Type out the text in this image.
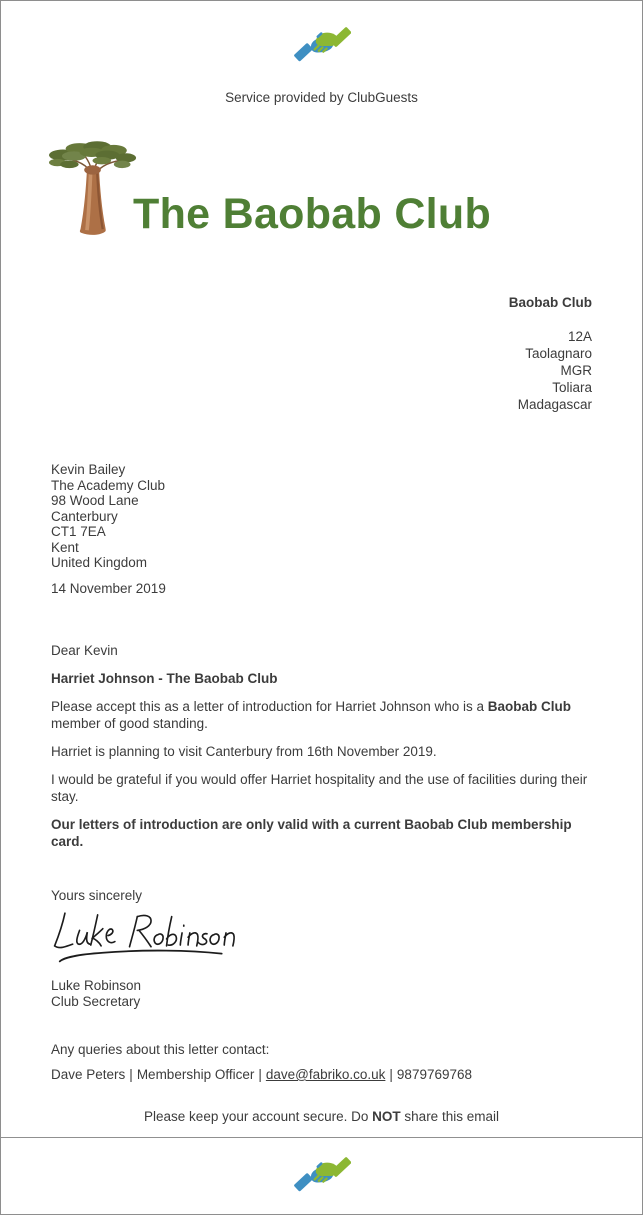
Service provided by ClubGuests
The Baobab Club
Baobab Club
12A
Taolagnaro
MGR
Toliara
Madagascar
Kevin Bailey
The Academy Club
98 Wood Lane
Canterbury
CT1 7EA
Kent
United Kingdom
14 November 2019
Dear Kevin
Harriet Johnson - The Baobab Club
Please accept this as a letter of introduction for Harriet Johnson who is a Baobab Club member of good standing.
Harriet is planning to visit Canterbury from 16th November 2019.
I would be grateful if you would offer Harriet hospitality and the use of facilities during their stay.
Our letters of introduction are only valid with a current Baobab Club membership card.
Yours sincerely
Luke Robinson
Club Secretary
Any queries about this letter contact:
Dave Peters | Membership Officer | dave@fabriko.co.uk | 9879769768
Please keep your account secure. Do NOT share this email
